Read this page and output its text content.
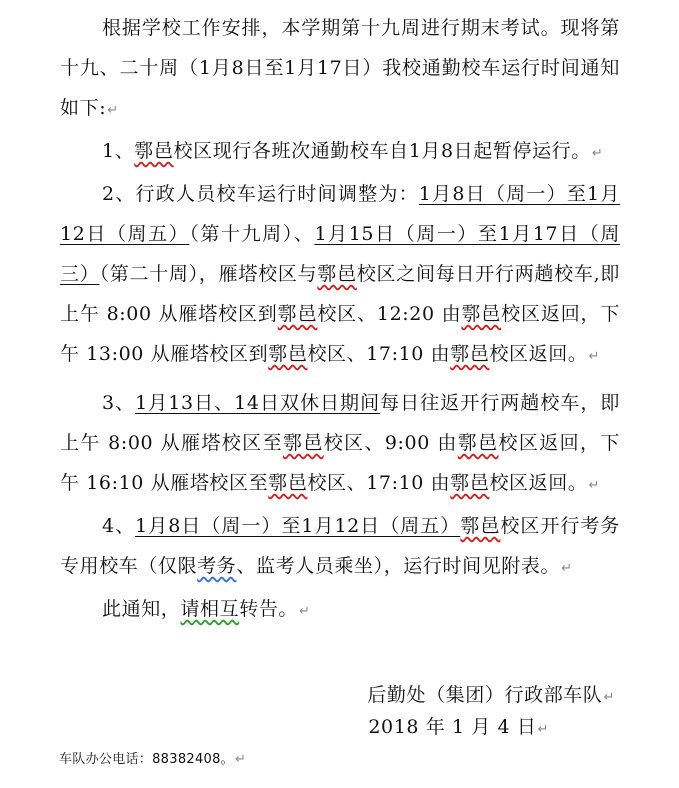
根据学校工作安排，本学期第十九周进行期末考试。现将第十九、二十周（1月8日至1月17日）我校通勤校车运行时间通知如下:↵

1、鄠邑校区现行各班次通勤校车自1月8日起暂停运行。↵

2、行政人员校车运行时间调整为：1月8日（周一）至1月12日（周五）（第十九周）、1月15日（周一）至1月17日（周三）（第二十周），雁塔校区与鄠邑校区之间每日开行两趟校车,即上午 8:00 从雁塔校区到鄠邑校区、12:20 由鄠邑校区返回，下午 13:00 从雁塔校区到鄠邑校区、17:10 由鄠邑校区返回。↵

3、1月13日、14日双休日期间每日往返开行两趟校车，即上午 8:00 从雁塔校区至鄠邑校区、9:00 由鄠邑校区返回，下午 16:10 从雁塔校区至鄠邑校区、17:10 由鄠邑校区返回。↵

4、1月8日（周一）至1月12日（周五）鄠邑校区开行考务专用校车（仅限考务、监考人员乘坐），运行时间见附表。↵

此通知，请相互转告。↵

后勤处（集团）行政部车队↵
2018 年 1 月 4 日↵
车队办公电话：88382408。↵
